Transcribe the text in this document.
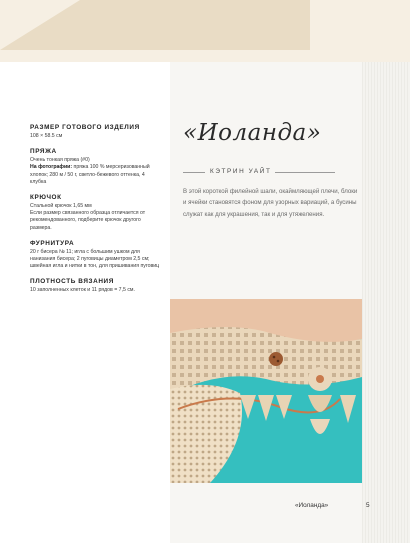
РАЗМЕР ГОТОВОГО ИЗДЕЛИЯ

108 × 58.5 см

ПРЯЖА

Очень тонкая пряжа (#0)

На фотографии: пряжа 100 % мерсеризованный хлопок; 280 м / 50 г, светло-бежевого оттенка, 4 клубка

КРЮЧОК

Стальной крючок 1,65 мм

Если размер связанного образца отличается от рекомендованного, подберите крючок другого размера.

ФУРНИТУРА

20 г бисера № 11; игла с большим ушком для нанизания бисера; 2 пуговицы диаметром 2,5 см; швейная игла и нитки в тон, для пришивания пуговиц

ПЛОТНОСТЬ ВЯЗАНИЯ

10 заполненных клеток и 11 рядов = 7,5 см.

«Иоланда»
КЭТРИН УАЙТ
В этой короткой филейной шали, окаймляющей плечи, блоки и ячейки становятся фоном для узорных вариаций, а бусины служат как для украшения, так и для утяжеления.
«Иоланда»	5
